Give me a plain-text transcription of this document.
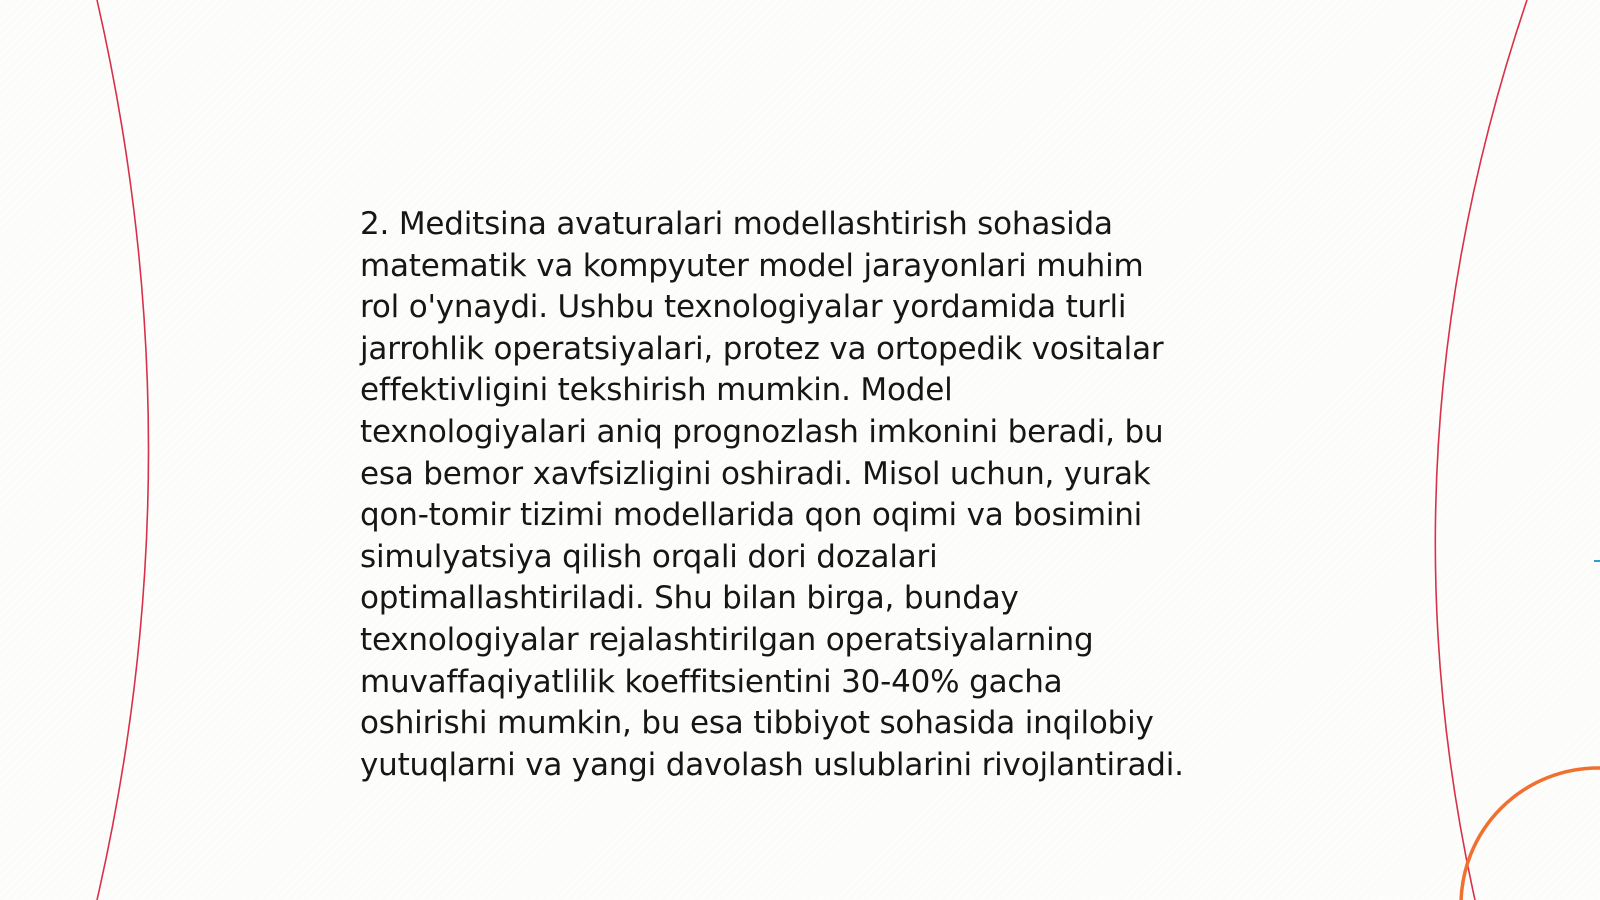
2. Meditsina avaturalari modellashtirish sohasida
matematik va kompyuter model jarayonlari muhim
rol o'ynaydi. Ushbu texnologiyalar yordamida turli
jarrohlik operatsiyalari, protez va ortopedik vositalar
effektivligini tekshirish mumkin. Model
texnologiyalari aniq prognozlash imkonini beradi, bu
esa bemor xavfsizligini oshiradi. Misol uchun, yurak
qon-tomir tizimi modellarida qon oqimi va bosimini
simulyatsiya qilish orqali dori dozalari
optimallashtiriladi. Shu bilan birga, bunday
texnologiyalar rejalashtirilgan operatsiyalarning
muvaffaqiyatlilik koeffitsientini 30-40% gacha
oshirishi mumkin, bu esa tibbiyot sohasida inqilobiy
yutuqlarni va yangi davolash uslublarini rivojlantiradi.
